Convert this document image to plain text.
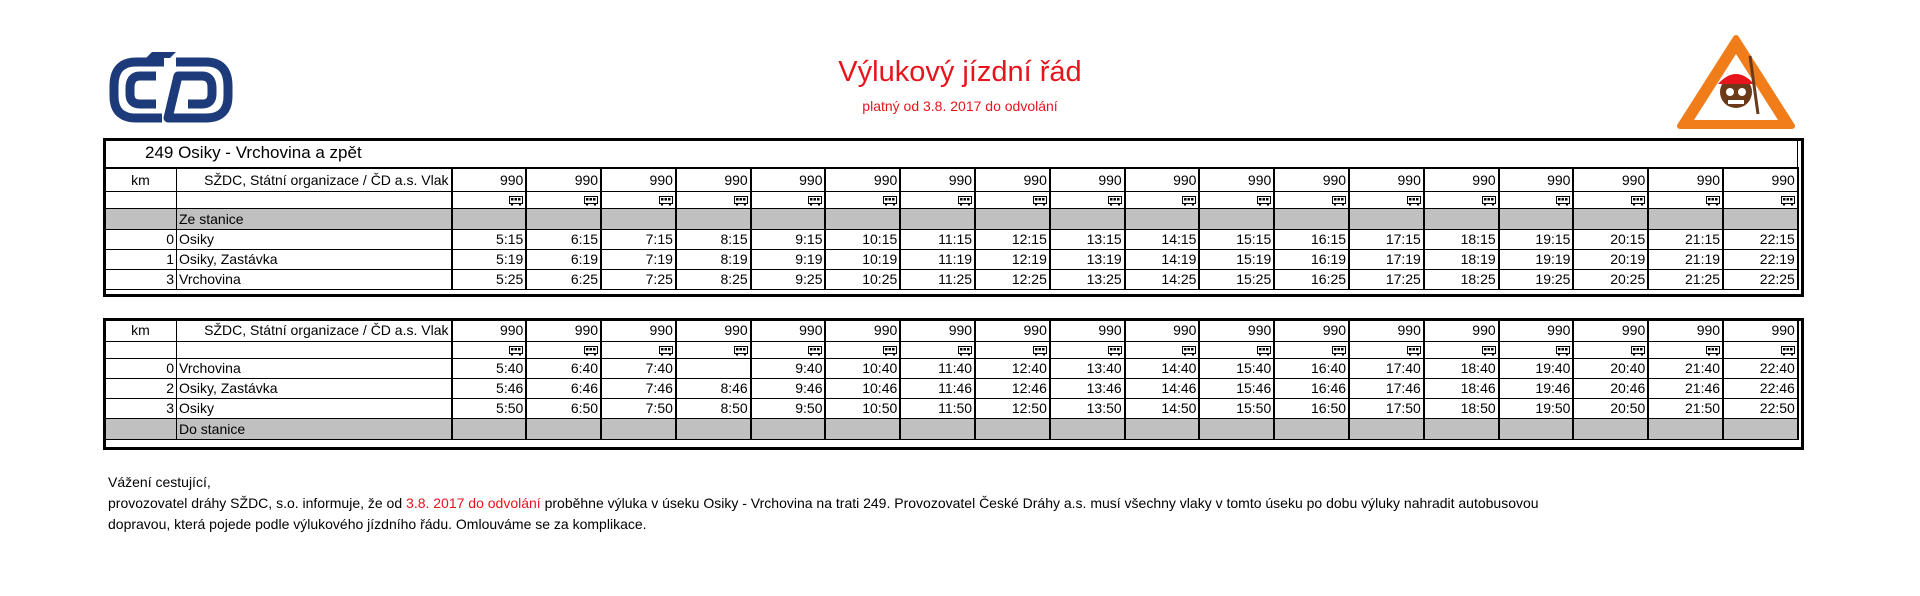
Výlukový jízdní řád
platný od 3.8. 2017 do odvolání
249 Osiky - Vrchovina a zpět																			
km	SŽDC, Státní organizace / ČD a.s. Vlak	990	990	990	990	990	990	990	990	990	990	990	990	990	990	990	990	990	990

	Ze stanice																		
0	Osiky	5:15	6:15	7:15	8:15	9:15	10:15	11:15	12:15	13:15	14:15	15:15	16:15	17:15	18:15	19:15	20:15	21:15	22:15
1	Osiky, Zastávka	5:19	6:19	7:19	8:19	9:19	10:19	11:19	12:19	13:19	14:19	15:19	16:19	17:19	18:19	19:19	20:19	21:19	22:19
3	Vrchovina	5:25	6:25	7:25	8:25	9:25	10:25	11:25	12:25	13:25	14:25	15:25	16:25	17:25	18:25	19:25	20:25	21:25	22:25
km	SŽDC, Státní organizace / ČD a.s. Vlak	990	990	990	990	990	990	990	990	990	990	990	990	990	990	990	990	990	990

0	Vrchovina	5:40	6:40	7:40		9:40	10:40	11:40	12:40	13:40	14:40	15:40	16:40	17:40	18:40	19:40	20:40	21:40	22:40
2	Osiky, Zastávka	5:46	6:46	7:46	8:46	9:46	10:46	11:46	12:46	13:46	14:46	15:46	16:46	17:46	18:46	19:46	20:46	21:46	22:46
3	Osiky	5:50	6:50	7:50	8:50	9:50	10:50	11:50	12:50	13:50	14:50	15:50	16:50	17:50	18:50	19:50	20:50	21:50	22:50
	Do stanice																		
Vážení cestující,
provozovatel dráhy SŽDC, s.o. informuje, že od 3.8. 2017 do odvolání proběhne výluka v úseku Osiky - Vrchovina na trati 249. Provozovatel České Dráhy a.s. musí všechny vlaky v tomto úseku po dobu výluky nahradit autobusovou
dopravou, která pojede podle výlukového jízdního řádu. Omlouváme se za komplikace.
